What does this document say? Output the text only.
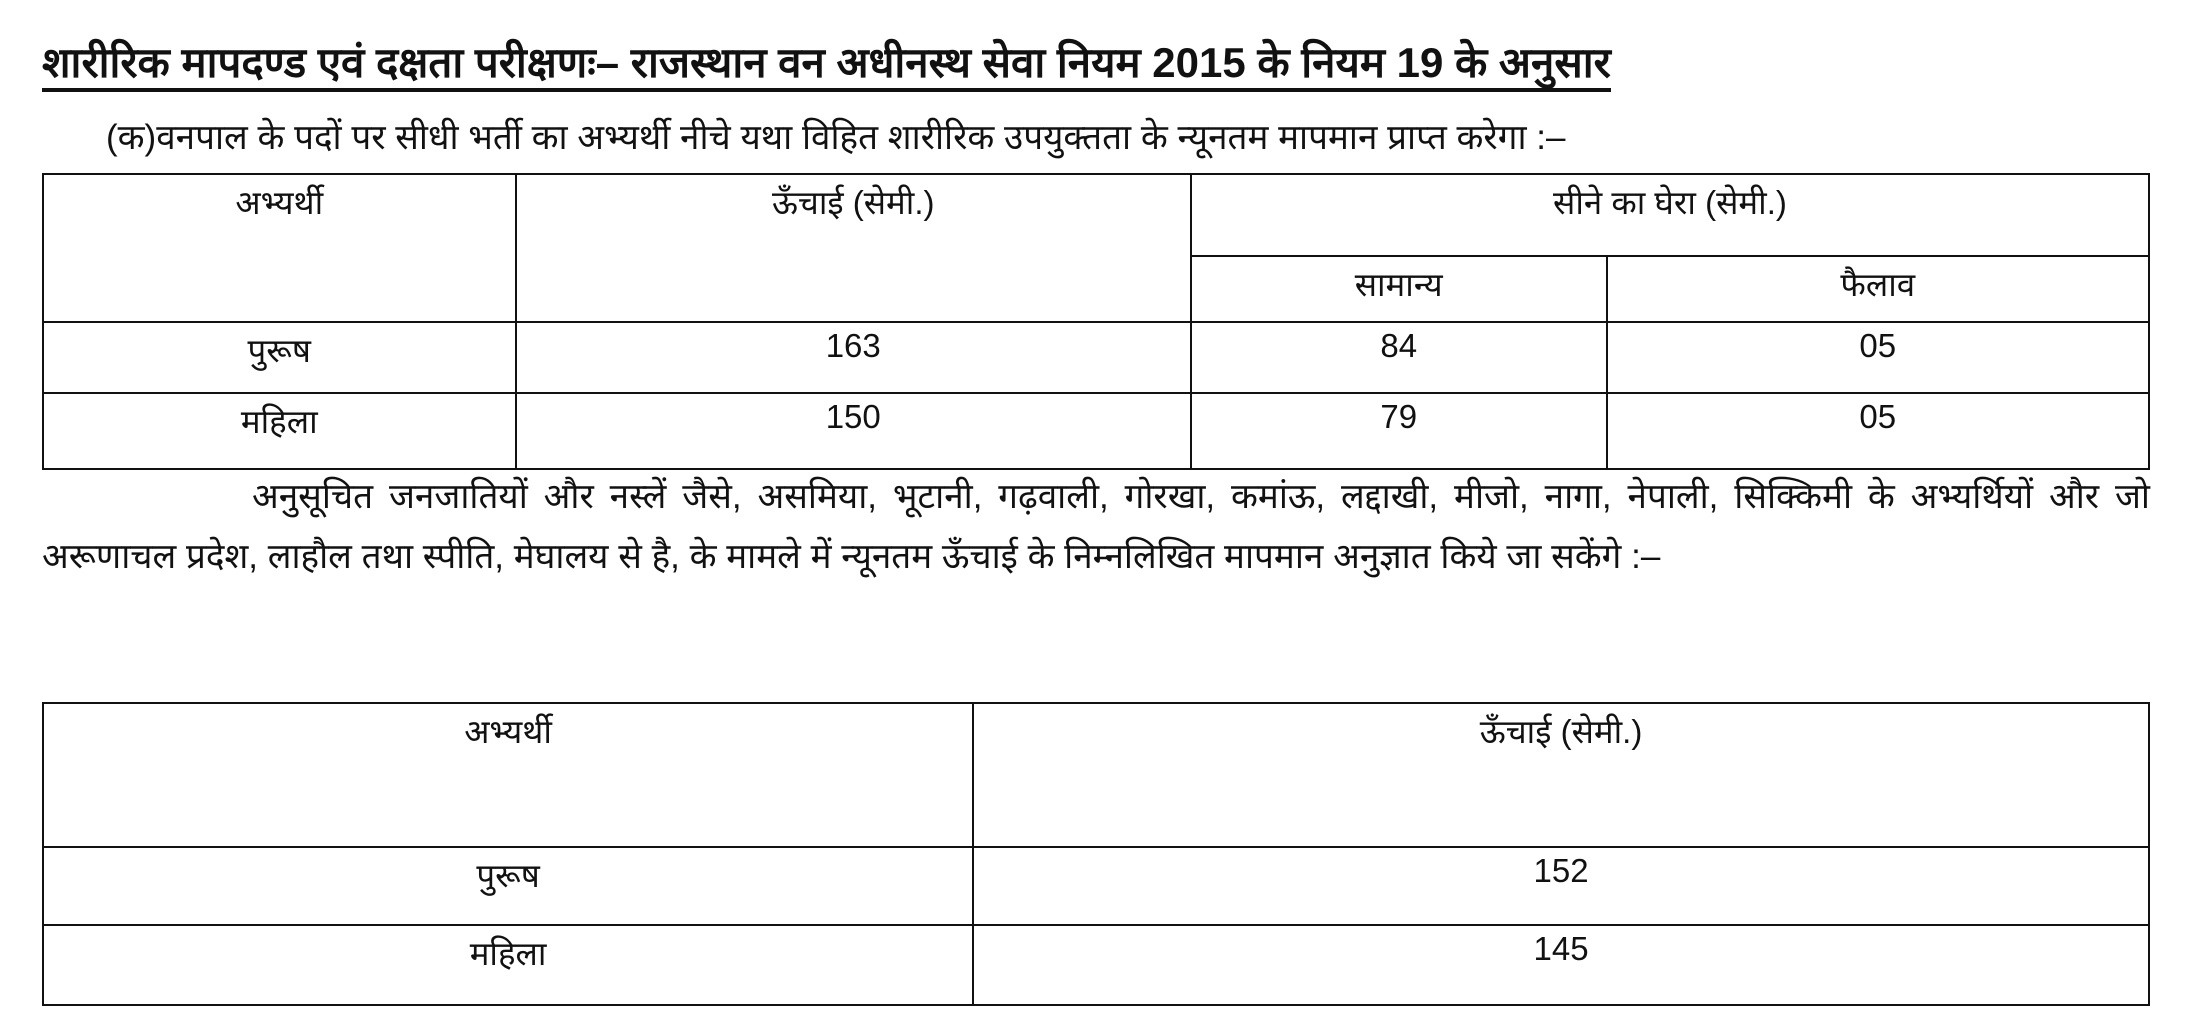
शारीरिक मापदण्ड एवं दक्षता परीक्षणः– राजस्थान वन अधीनस्थ सेवा नियम 2015 के नियम 19 के अनुसार
(क)वनपाल के पदों पर सीधी भर्ती का अभ्यर्थी नीचे यथा विहित शारीरिक उपयुक्तता के न्यूनतम मापमान प्राप्त करेगा :–
अभ्यर्थी	ऊँचाई (सेमी.)	सीने का घेरा (सेमी.)	
		सामान्य	फैलाव
पुरूष	163	84	05
महिला	150	79	05
अनुसूचित जनजातियों और नस्लें जैसे, असमिया, भूटानी, गढ़वाली, गोरखा, कमांऊ, लद्दाखी, मीजो, नागा, नेपाली, सिक्किमी के अभ्यर्थियों और जो अरूणाचल प्रदेश, लाहौल तथा स्पीति, मेघालय से है, के मामले में न्यूनतम ऊँचाई के निम्नलिखित मापमान अनुज्ञात किये जा सकेंगे :–
अभ्यर्थी	ऊँचाई (सेमी.)
पुरूष	152
महिला	145
